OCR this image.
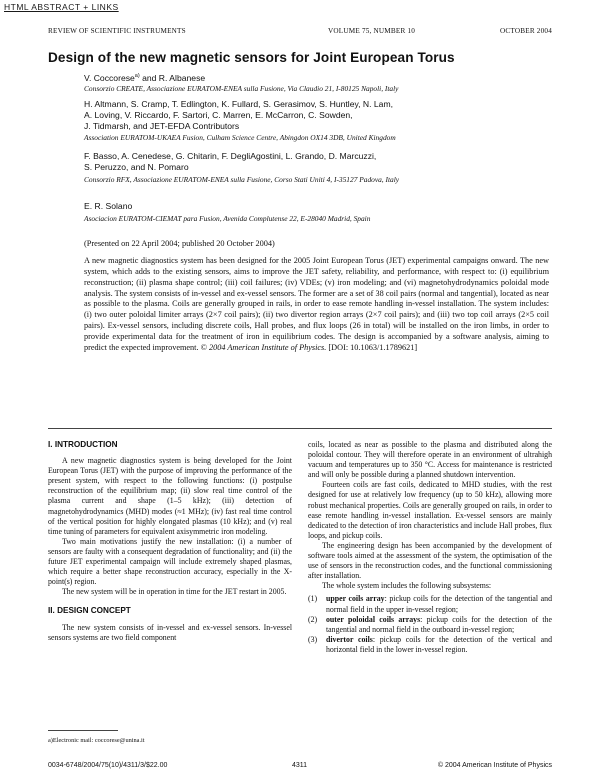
HTML ABSTRACT + LINKS
REVIEW OF SCIENTIFIC INSTRUMENTS	VOLUME 75, NUMBER 10	OCTOBER 2004
Design of the new magnetic sensors for Joint European Torus
V. Coccorese$^{a)}$ and R. Albanese
Consorzio CREATE, Associazione EURATOM-ENEA sulla Fusione, Via Claudio 21, I-80125 Napoli, Italy
H. Altmann, S. Cramp, T. Edlington, K. Fullard, S. Gerasimov, S. Huntley, N. Lam,
A. Loving, V. Riccardo, F. Sartori, C. Marren, E. McCarron, C. Sowden,
J. Tidmarsh, and JET-EFDA Contributors
Association EURATOM-UKAEA Fusion, Culham Science Centre, Abingdon OX14 3DB, United Kingdom
F. Basso, A. Cenedese, G. Chitarin, F. DegliAgostini, L. Grando, D. Marcuzzi,
S. Peruzzo, and N. Pomaro
Consorzio RFX, Associazione EURATOM-ENEA sulla Fusione, Corso Stati Uniti 4, I-35127 Padova, Italy
E. R. Solano
Asociacion EURATOM-CIEMAT para Fusion, Avenida Complutense 22, E-28040 Madrid, Spain
(Presented on 22 April 2004; published 20 October 2004)
A new magnetic diagnostics system has been designed for the 2005 Joint European Torus (JET) experimental campaigns onward. The new system, which adds to the existing sensors, aims to improve the JET safety, reliability, and performance, with respect to: (i) equilibrium reconstruction; (ii) plasma shape control; (iii) coil failures; (iv) VDEs; (v) iron modeling; and (vi) magnetohydrodynamics poloidal mode analysis. The system consists of in-vessel and ex-vessel sensors. The former are a set of 38 coil pairs (normal and tangential), located as near as possible to the plasma. Coils are generally grouped in rails, in order to ease remote handling in-vessel installation. The system includes: (i) two outer poloidal limiter arrays (2×7 coil pairs); (ii) two divertor region arrays (2×7 coil pairs); and (iii) two top coil arrays (2×5 coil pairs). Ex-vessel sensors, including discrete coils, Hall probes, and flux loops (26 in total) will be installed on the iron limbs, in order to provide experimental data for the treatment of iron in equilibrium codes. The design is accompanied by a software analysis, aiming to predict the expected improvement. © 2004 American Institute of Physics. [DOI: 10.1063/1.1789621]

I. INTRODUCTION

A new magnetic diagnostics system is being developed for the Joint European Torus (JET) with the purpose of improving the performance of the present system, with respect to the following functions: (i) postpulse reconstruction of the equilibrium map; (ii) slow real time control of the plasma current and shape (1–5 kHz); (iii) detection of magnetohydrodynamics (MHD) modes (≈1 MHz); (iv) fast real time control of the vertical position for highly elongated plasmas (10 kHz); and (v) real time tuning of parameters for equivalent axisymmetric iron modeling.

Two main motivations justify the new installation: (i) a number of sensors are faulty with a consequent degradation of functionality; and (ii) the future JET experimental campaign will include extremely shaped plasmas, which require a better shape reconstruction accuracy, especially in the X-point(s) region.

The new system will be in operation in time for the JET restart in 2005.

II. DESIGN CONCEPT

The new system consists of in-vessel and ex-vessel sensors. In-vessel sensors systems are two field component

a)Electronic mail: coccorese@unina.it

coils, located as near as possible to the plasma and distributed along the poloidal contour. They will therefore operate in an environment of ultrahigh vacuum and temperatures up to 350 °C. Access for maintenance is restricted and will only be possible during a planned shutdown intervention.

Fourteen coils are fast coils, dedicated to MHD studies, with the rest designed for use at relatively low frequency (up to 50 kHz), allowing more robust mechanical properties. Coils are generally grouped on rails, in order to ease remote handling in-vessel installation. Ex-vessel sensors are mainly dedicated to the detection of iron characteristics and include Hall probes, flux loops, and pickup coils.

The engineering design has been accompanied by the development of software tools aimed at the assessment of the system, the optimisation of the use of sensors in the reconstruction codes, and the functional commissioning after installation.

The whole system includes the following subsystems:

(1) upper coils array: pickup coils for the detection of the tangential and normal field in the upper in-vessel region;
(2) outer poloidal coils arrays: pickup coils for the detection of the tangential and normal field in the outboard in-vessel region;
(3) divertor coils: pickup coils for the detection of the vertical and horizontal field in the lower in-vessel region.
0034-6748/2004/75(10)/4311/3/$22.00	4311	© 2004 American Institute of Physics
